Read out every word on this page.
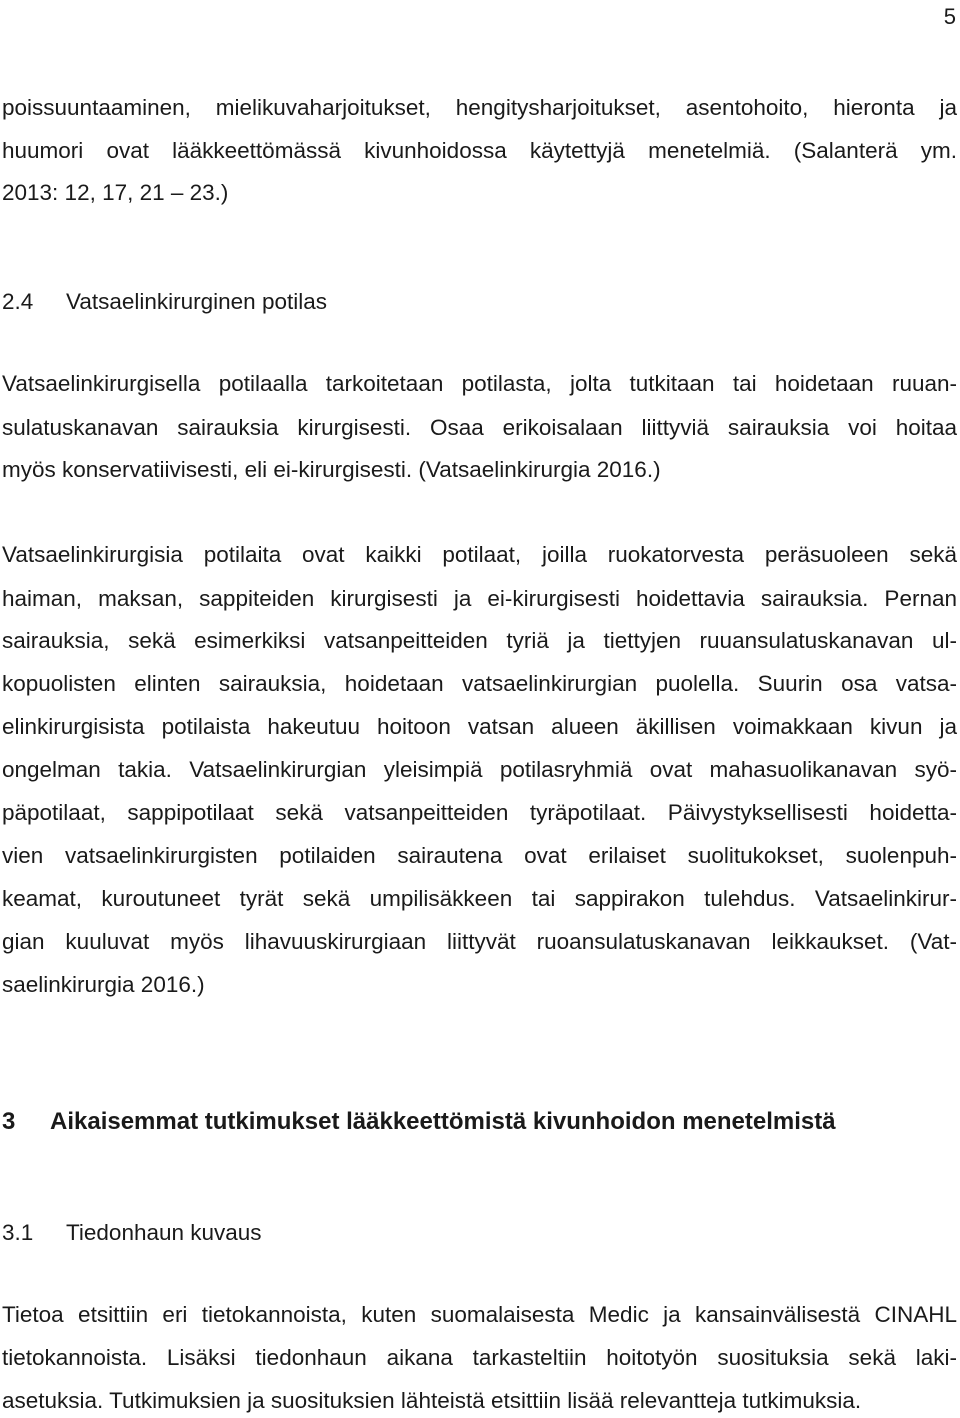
5
poissuuntaaminen, mielikuvaharjoitukset, hengitysharjoitukset, asentohoito, hieronta ja
huumori ovat lääkkeettömässä kivunhoidossa käytettyjä menetelmiä. (Salanterä ym.
2013: 12, 17, 21 – 23.)
2.4 Vatsaelinkirurginen potilas
Vatsaelinkirurgisella potilaalla tarkoitetaan potilasta, jolta tutkitaan tai hoidetaan ruuan-
sulatuskanavan sairauksia kirurgisesti. Osaa erikoisalaan liittyviä sairauksia voi hoitaa
myös konservatiivisesti, eli ei-kirurgisesti. (Vatsaelinkirurgia 2016.)
Vatsaelinkirurgisia potilaita ovat kaikki potilaat, joilla ruokatorvesta peräsuoleen sekä
haiman, maksan, sappiteiden kirurgisesti ja ei-kirurgisesti hoidettavia sairauksia. Pernan
sairauksia, sekä esimerkiksi vatsanpeitteiden tyriä ja tiettyjen ruuansulatuskanavan ul-
kopuolisten elinten sairauksia, hoidetaan vatsaelinkirurgian puolella. Suurin osa vatsa-
elinkirurgisista potilaista hakeutuu hoitoon vatsan alueen äkillisen voimakkaan kivun ja
ongelman takia. Vatsaelinkirurgian yleisimpiä potilasryhmiä ovat mahasuolikanavan syö-
päpotilaat, sappipotilaat sekä vatsanpeitteiden tyräpotilaat. Päivystyksellisesti hoidetta-
vien vatsaelinkirurgisten potilaiden sairautena ovat erilaiset suolitukokset, suolenpuh-
keamat, kuroutuneet tyrät sekä umpilisäkkeen tai sappirakon tulehdus. Vatsaelinkirur-
gian kuuluvat myös lihavuuskirurgiaan liittyvät ruoansulatuskanavan leikkaukset. (Vat-
saelinkirurgia 2016.)
3 Aikaisemmat tutkimukset lääkkeettömistä kivunhoidon menetelmistä
3.1 Tiedonhaun kuvaus
Tietoa etsittiin eri tietokannoista, kuten suomalaisesta Medic ja kansainvälisestä CINAHL
tietokannoista. Lisäksi tiedonhaun aikana tarkasteltiin hoitotyön suosituksia sekä laki-
asetuksia. Tutkimuksien ja suosituksien lähteistä etsittiin lisää relevantteja tutkimuksia.
